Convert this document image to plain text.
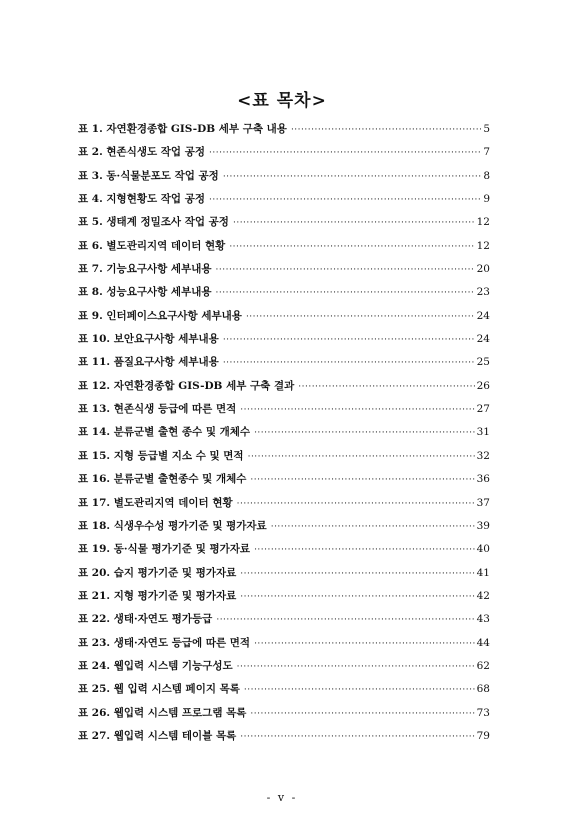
<표 목차>
표 1. 자연환경종합 GIS-DB 세부 구축 내용 ·····	5
표 2. 현존식생도 작업 공정 ·····	7
표 3. 동·식물분포도 작업 공정 ·····	8
표 4. 지형현황도 작업 공정 ·····	9
표 5. 생태계 정밀조사 작업 공정 ·····	12
표 6. 별도관리지역 데이터 현황 ·····	12
표 7. 기능요구사항 세부내용 ·····	20
표 8. 성능요구사항 세부내용 ·····	23
표 9. 인터페이스요구사항 세부내용 ·····	24
표 10. 보안요구사항 세부내용 ·····	24
표 11. 품질요구사항 세부내용 ·····	25
표 12. 자연환경종합 GIS-DB 세부 구축 결과 ·····	26
표 13. 현존식생 등급에 따른 면적 ·····	27
표 14. 분류군별 출현 종수 및 개체수 ·····	31
표 15. 지형 등급별 지소 수 및 면적 ·····	32
표 16. 분류군별 출현종수 및 개체수 ·····	36
표 17. 별도관리지역 데이터 현황 ·····	37
표 18. 식생우수성 평가기준 및 평가자료 ·····	39
표 19. 동·식물 평가기준 및 평가자료 ·····	40
표 20. 습지 평가기준 및 평가자료 ·····	41
표 21. 지형 평가기준 및 평가자료 ·····	42
표 22. 생태·자연도 평가등급 ·····	43
표 23. 생태·자연도 등급에 따른 면적 ·····	44
표 24. 웹입력 시스템 기능구성도 ·····	62
표 25. 웹 입력 시스템 페이지 목록 ·····	68
표 26. 웹입력 시스템 프로그램 목록 ·····	73
표 27. 웹입력 시스템 테이블 목록 ·····	79
- v -
